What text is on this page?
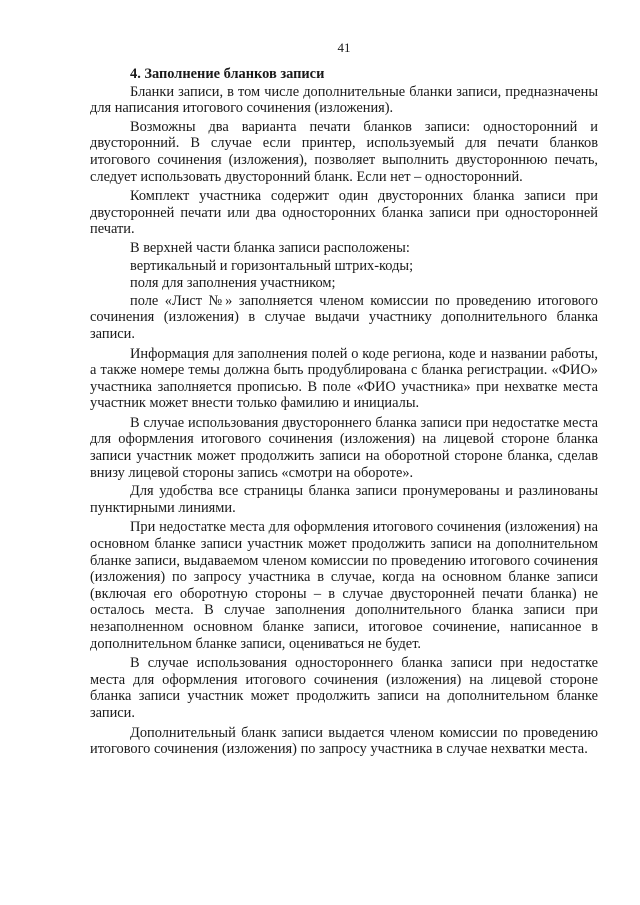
41
4. Заполнение бланков записи

Бланки записи, в том числе дополнительные бланки записи, предназначены для написания итогового сочинения (изложения).

Возможны два варианта печати бланков записи: односторонний и двусторонний. В случае если принтер, используемый для печати бланков итогового сочинения (изложения), позволяет выполнить двустороннюю печать, следует использовать двусторонний бланк. Если нет – односторонний.

Комплект участника содержит один двусторонних бланка записи при двусторонней печати или два односторонних бланка записи при односторонней печати.

В верхней части бланка записи расположены:

вертикальный и горизонтальный штрих-коды;

поля для заполнения участником;

поле «Лист №» заполняется членом комиссии по проведению итогового сочинения (изложения) в случае выдачи участнику дополнительного бланка записи.

Информация для заполнения полей о коде региона, коде и названии работы, а также номере темы должна быть продублирована с бланка регистрации. «ФИО» участника заполняется прописью. В поле «ФИО участника» при нехватке места участник может внести только фамилию и инициалы.

В случае использования двустороннего бланка записи при недостатке места для оформления итогового сочинения (изложения) на лицевой стороне бланка записи участник может продолжить записи на оборотной стороне бланка, сделав внизу лицевой стороны запись «смотри на обороте».

Для удобства все страницы бланка записи пронумерованы и разлинованы пунктирными линиями.

При недостатке места для оформления итогового сочинения (изложения) на основном бланке записи участник может продолжить записи на дополнительном бланке записи, выдаваемом членом комиссии по проведению итогового сочинения (изложения) по запросу участника в случае, когда на основном бланке записи (включая его оборотную стороны – в случае двусторонней печати бланка) не осталось места. В случае заполнения дополнительного бланка записи при незаполненном основном бланке записи, итоговое сочинение, написанное в дополнительном бланке записи, оцениваться не будет.

В случае использования одностороннего бланка записи при недостатке места для оформления итогового сочинения (изложения) на лицевой стороне бланка записи участник может продолжить записи на дополнительном бланке записи.

Дополнительный бланк записи выдается членом комиссии по проведению итогового сочинения (изложения) по запросу участника в случае нехватки места.
